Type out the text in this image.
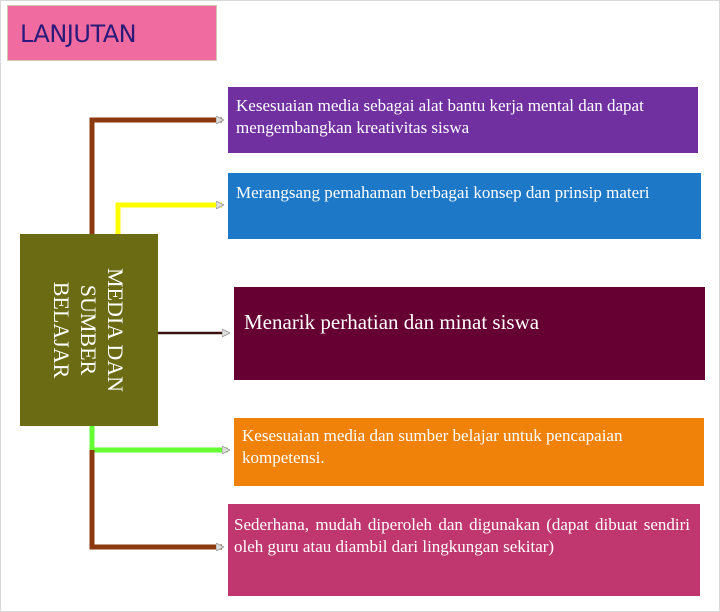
LANJUTAN
MEDIA DAN
SUMBER
BELAJAR
Kesesuaian media sebagai alat bantu kerja mental dan dapat mengembangkan kreativitas siswa
Merangsang pemahaman berbagai konsep dan prinsip materi
Menarik perhatian dan minat siswa
Kesesuaian media dan sumber belajar untuk pencapaian kompetensi.
Sederhana, mudah diperoleh dan digunakan (dapat dibuat sendiri oleh guru atau diambil dari lingkungan sekitar)
